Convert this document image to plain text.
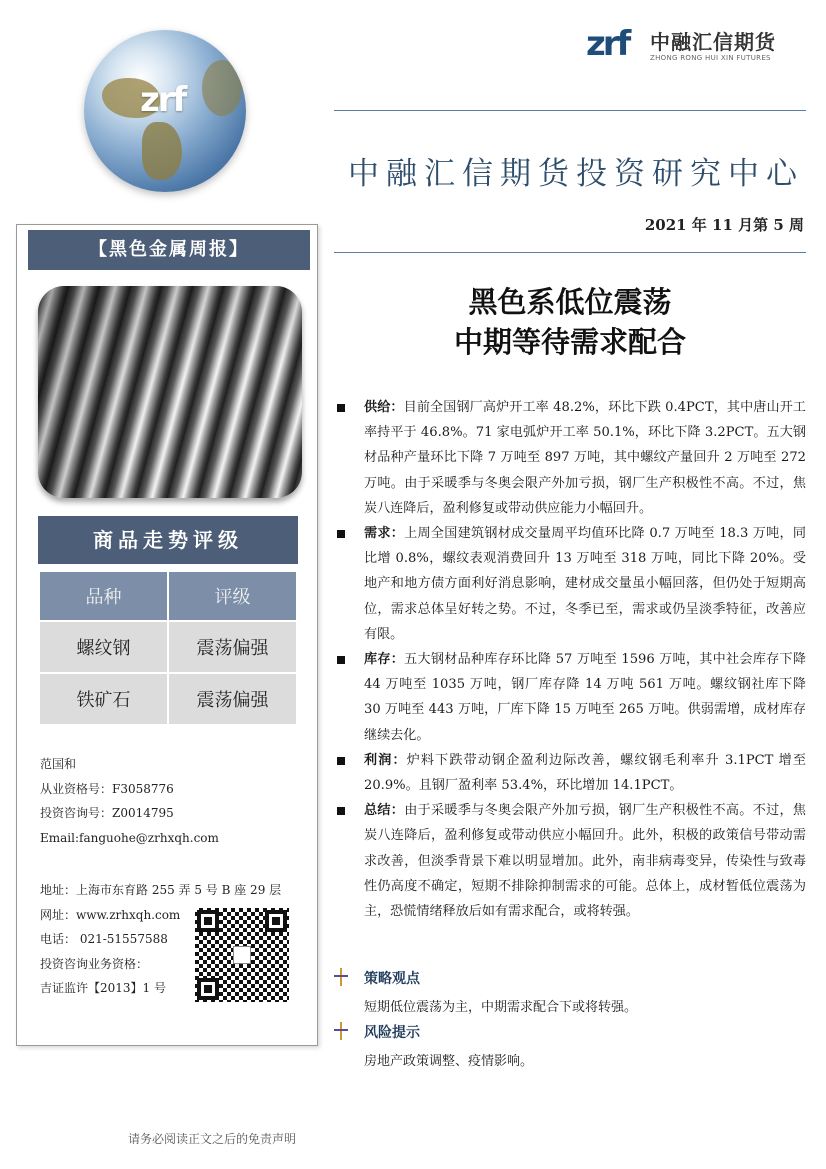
zrf
zrf 中融汇信期货
ZHONG RONG HUI XIN FUTURES
中融汇信期货投资研究中心
2021 年 11 月第 5 周
【黑色金属周报】
商品走势评级
品种	评级
螺纹钢	震荡偏强
铁矿石	震荡偏强
范国和
从业资格号：F3058776
投资咨询号：Z0014795
Email:fanguohe@zrhxqh.com
地址：上海市东育路 255 弄 5 号 B 座 29 层
网址：www.zrhxqh.com
电话： 021-51557588
投资咨询业务资格：
吉证监许【2013】1 号
黑色系低位震荡
中期等待需求配合
供给：目前全国钢厂高炉开工率 48.2%，环比下跌 0.4PCT，其中唐山开工率持平于 46.8%。71 家电弧炉开工率 50.1%，环比下降 3.2PCT。五大钢材品种产量环比下降 7 万吨至 897 万吨，其中螺纹产量回升 2 万吨至 272 万吨。由于采暖季与冬奥会限产外加亏损，钢厂生产积极性不高。不过，焦炭八连降后，盈利修复或带动供应能力小幅回升。
需求：上周全国建筑钢材成交量周平均值环比降 0.7 万吨至 18.3 万吨，同比增 0.8%，螺纹表观消费回升 13 万吨至 318 万吨，同比下降 20%。受地产和地方债方面利好消息影响，建材成交量虽小幅回落，但仍处于短期高位，需求总体呈好转之势。不过，冬季已至，需求或仍呈淡季特征，改善应有限。
库存：五大钢材品种库存环比降 57 万吨至 1596 万吨，其中社会库存下降 44 万吨至 1035 万吨，钢厂库存降 14 万吨 561 万吨。螺纹钢社库下降 30 万吨至 443 万吨，厂库下降 15 万吨至 265 万吨。供弱需增，成材库存继续去化。
利润：炉料下跌带动钢企盈利边际改善，螺纹钢毛利率升 3.1PCT 增至 20.9%。且钢厂盈利率 53.4%，环比增加 14.1PCT。
总结：由于采暖季与冬奥会限产外加亏损，钢厂生产积极性不高。不过，焦炭八连降后，盈利修复或带动供应小幅回升。此外，积极的政策信号带动需求改善，但淡季背景下难以明显增加。此外，南非病毒变异，传染性与致毒性仍高度不确定，短期不排除抑制需求的可能。总体上，成材暂低位震荡为主，恐慌情绪释放后如有需求配合，或将转强。
策略观点
短期低位震荡为主，中期需求配合下或将转强。
风险提示
房地产政策调整、疫情影响。
请务必阅读正文之后的免责声明
